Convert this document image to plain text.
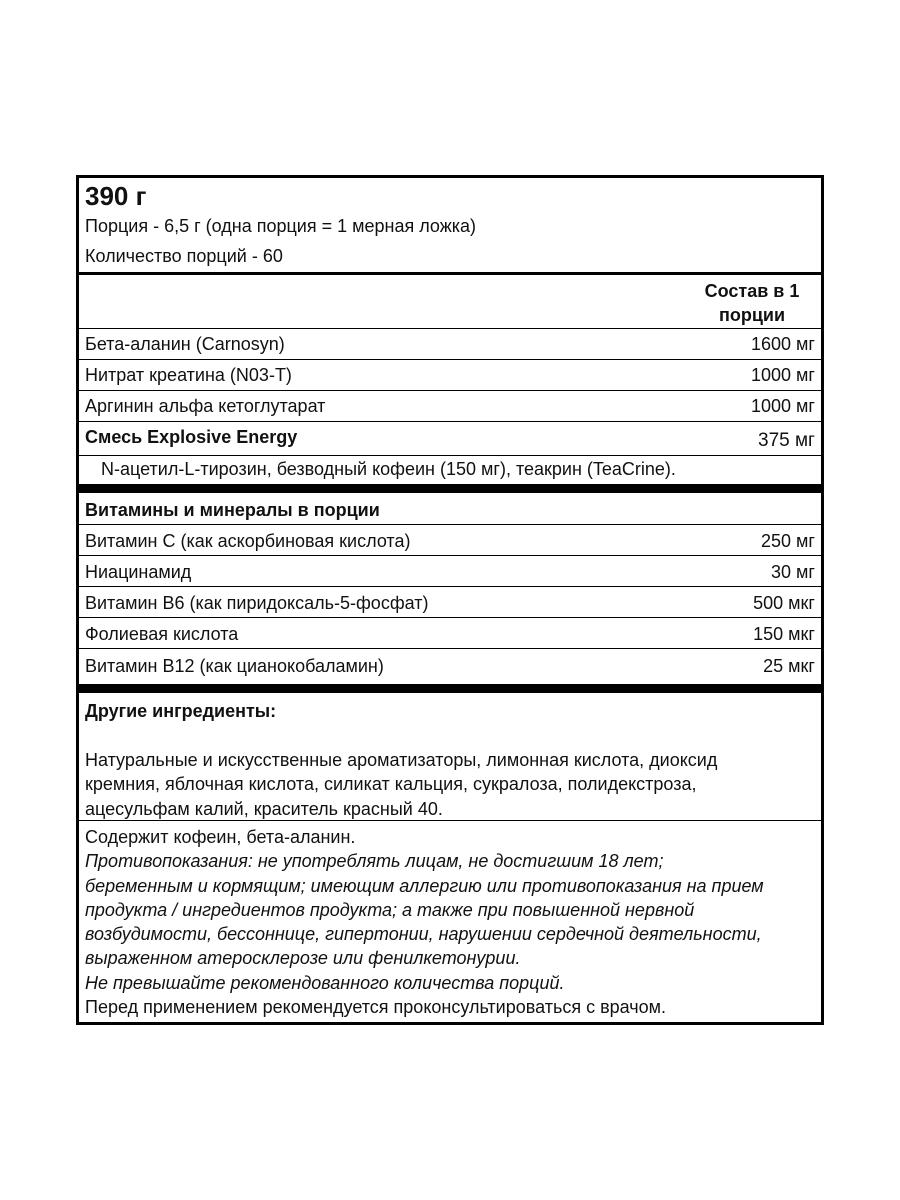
390 г
Порция - 6,5 г (одна порция = 1 мерная ложка)
Количество порций - 60
Состав в 1
порции
Бета-аланин (Carnosyn)	1600 мг
Нитрат креатина (N03-T)	1000 мг
Аргинин альфа кетоглутарат	1000 мг
Смесь Explosive Energy	375 мг
N-ацетил-L-тирозин, безводный кофеин (150 мг), теакрин (TeaCrine).
Витамины и минералы в порции
Витамин C (как аскорбиновая кислота)	250 мг
Ниацинамид	30 мг
Витамин B6 (как пиридоксаль-5-фосфат)	500 мкг
Фолиевая кислота	150 мкг
Витамин B12 (как цианокобаламин)	25 мкг
Другие ингредиенты:
Натуральные и искусственные ароматизаторы, лимонная кислота, диоксид
кремния, яблочная кислота, силикат кальция, сукралоза, полидекстроза,
ацесульфам калий, краситель красный 40.
Содержит кофеин, бета-аланин.
Противопоказания: не употреблять лицам, не достигшим 18 лет;
беременным и кормящим; имеющим аллергию или противопоказания на прием
продукта / ингредиентов продукта; а также при повышенной нервной
возбудимости, бессоннице, гипертонии, нарушении сердечной деятельности,
выраженном атеросклерозе или фенилкетонурии.
Не превышайте рекомендованного количества порций.
Перед применением рекомендуется проконсультироваться с врачом.
